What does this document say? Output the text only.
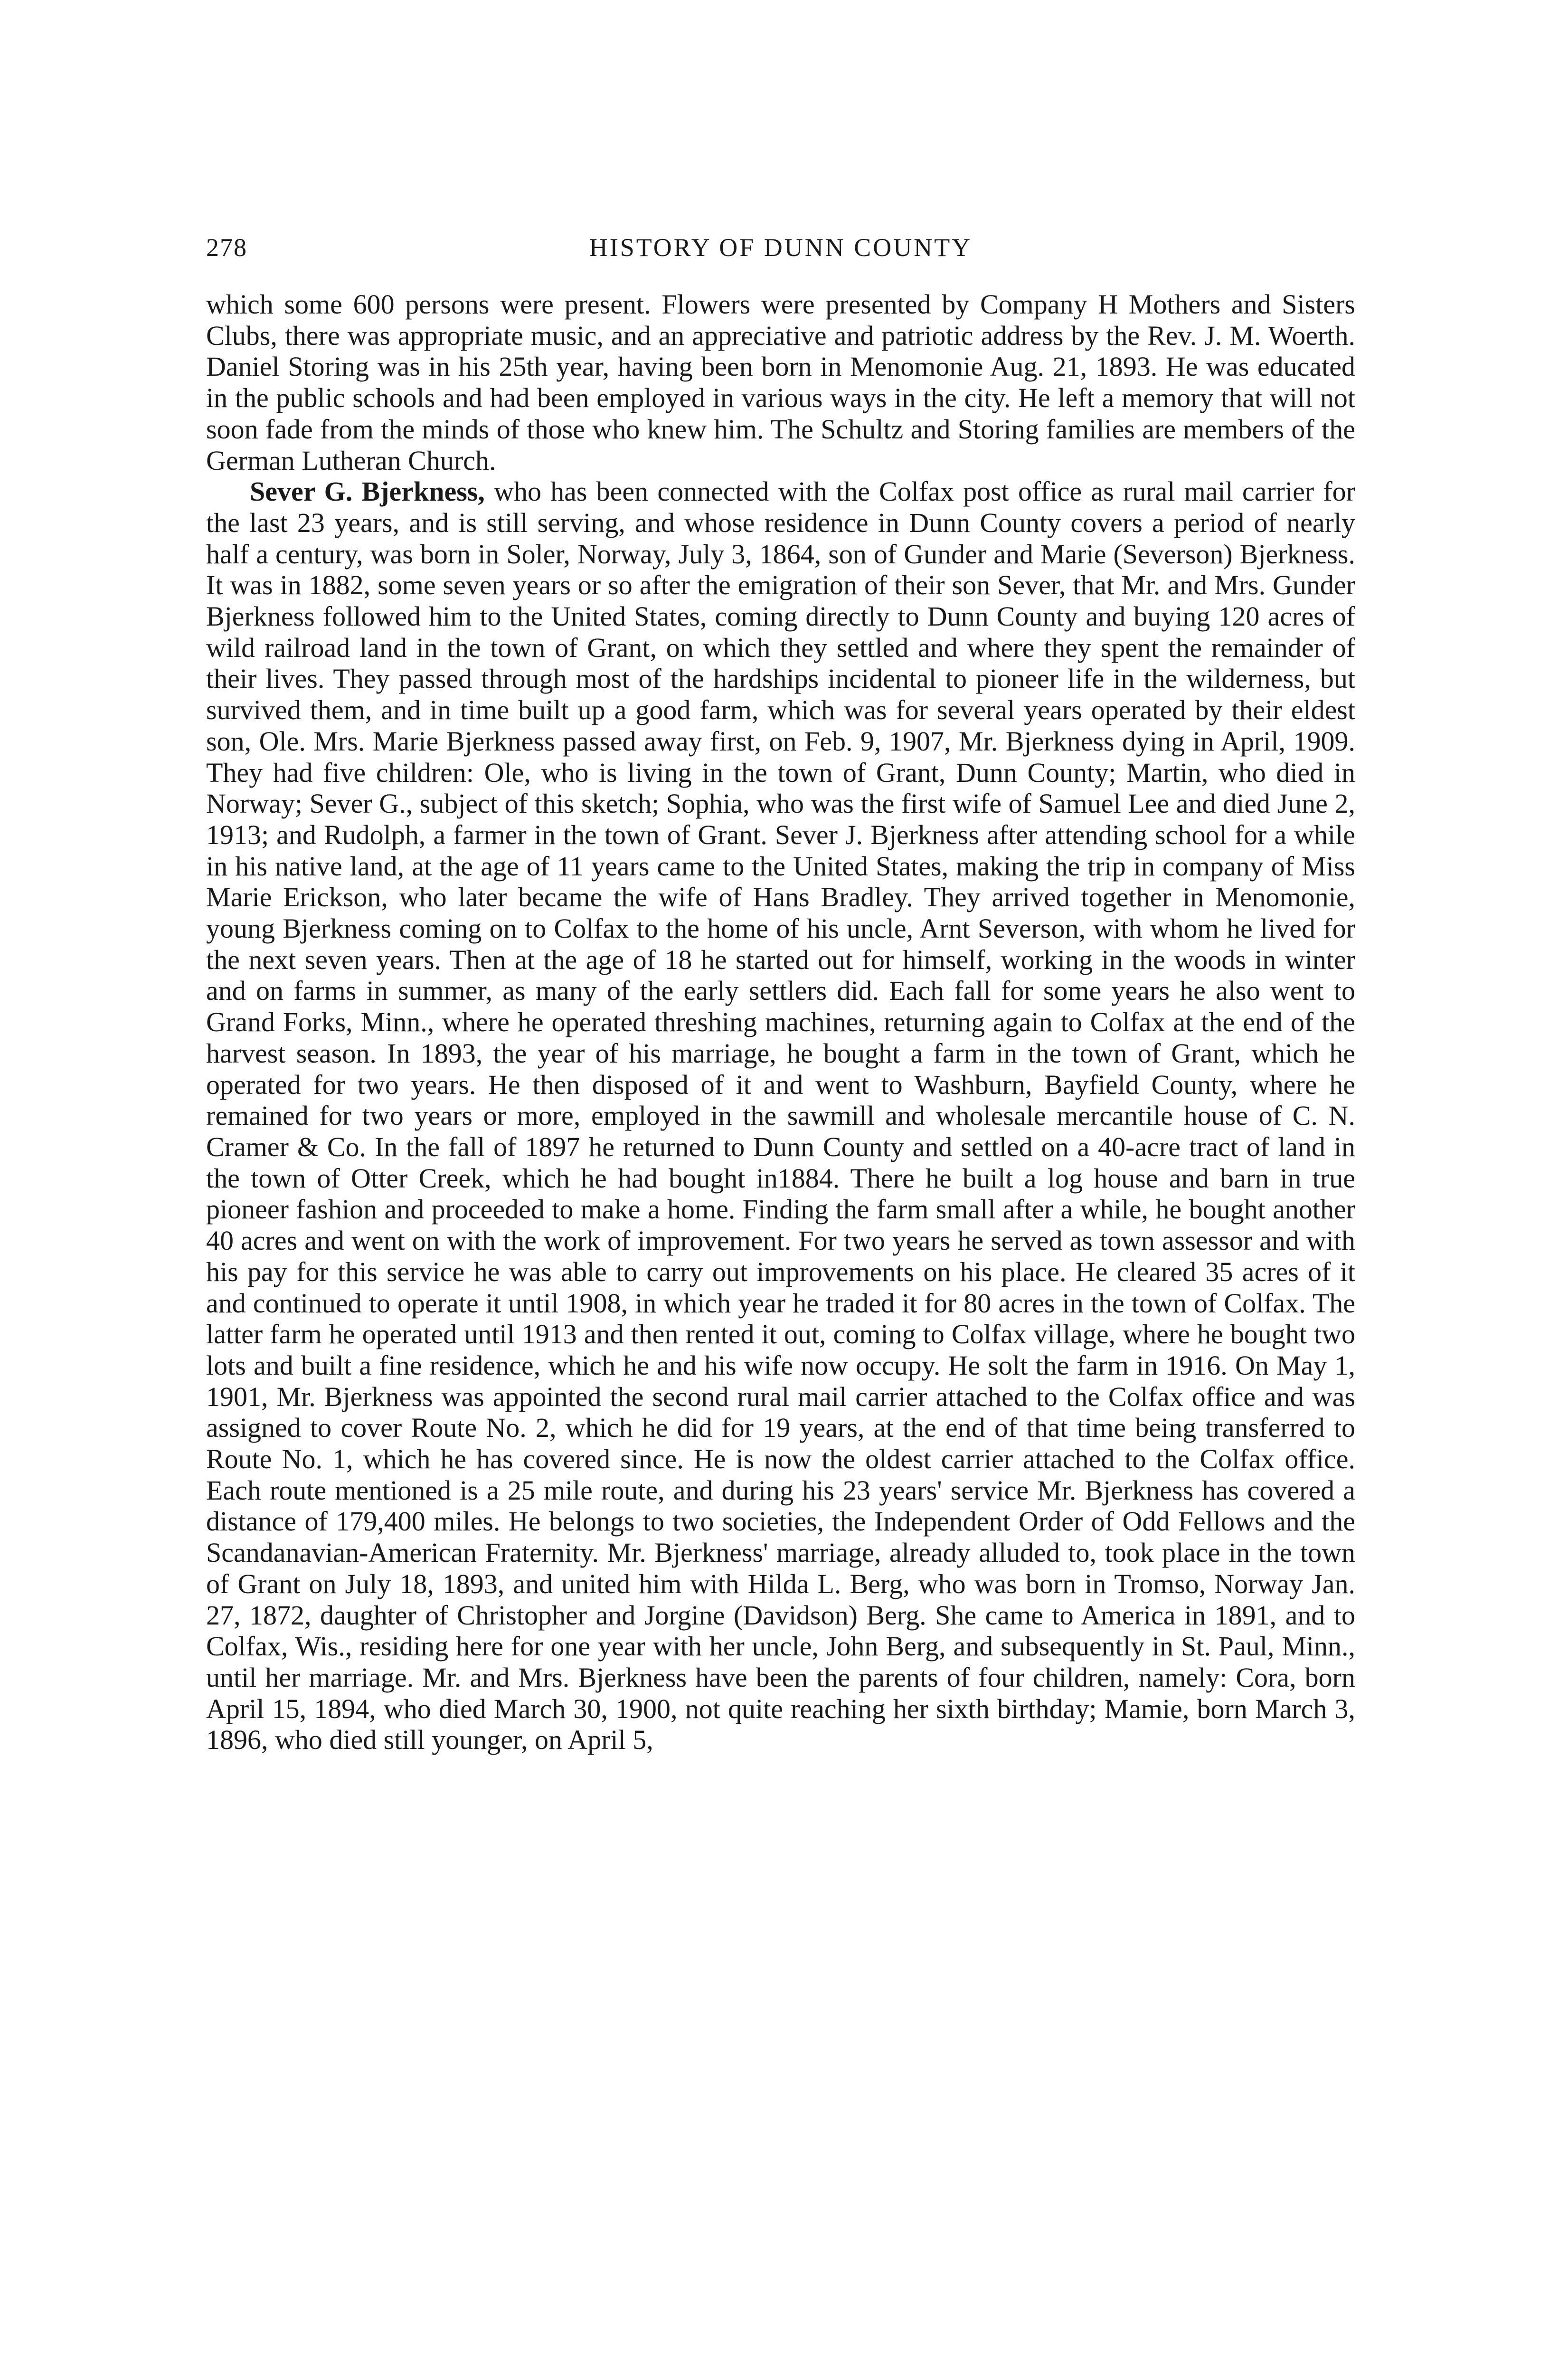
278	HISTORY OF DUNN COUNTY

which some 600 persons were present. Flowers were presented by Company H Mothers and Sisters Clubs, there was appropriate music, and an appreciative and patriotic address by the Rev. J. M. Woerth. Daniel Storing was in his 25th year, having been born in Menomonie Aug. 21, 1893. He was educated in the public schools and had been employed in various ways in the city. He left a memory that will not soon fade from the minds of those who knew him. The Schultz and Storing families are members of the German Lutheran Church.

Sever G. Bjerkness, who has been connected with the Colfax post office as rural mail carrier for the last 23 years, and is still serving, and whose residence in Dunn County covers a period of nearly half a century, was born in Soler, Norway, July 3, 1864, son of Gunder and Marie (Severson) Bjerkness. It was in 1882, some seven years or so after the emigration of their son Sever, that Mr. and Mrs. Gunder Bjerkness followed him to the United States, coming directly to Dunn County and buying 120 acres of wild railroad land in the town of Grant, on which they settled and where they spent the remainder of their lives. They passed through most of the hardships incidental to pioneer life in the wilderness, but survived them, and in time built up a good farm, which was for several years operated by their eldest son, Ole. Mrs. Marie Bjerkness passed away first, on Feb. 9, 1907, Mr. Bjerkness dying in April, 1909. They had five children: Ole, who is living in the town of Grant, Dunn County; Martin, who died in Norway; Sever G., subject of this sketch; Sophia, who was the first wife of Samuel Lee and died June 2, 1913; and Rudolph, a farmer in the town of Grant. Sever J. Bjerkness after attending school for a while in his native land, at the age of 11 years came to the United States, making the trip in company of Miss Marie Erickson, who later became the wife of Hans Bradley. They arrived together in Menomonie, young Bjerkness coming on to Colfax to the home of his uncle, Arnt Severson, with whom he lived for the next seven years. Then at the age of 18 he started out for himself, working in the woods in winter and on farms in summer, as many of the early settlers did. Each fall for some years he also went to Grand Forks, Minn., where he operated threshing machines, returning again to Colfax at the end of the harvest season. In 1893, the year of his marriage, he bought a farm in the town of Grant, which he operated for two years. He then disposed of it and went to Washburn, Bayfield County, where he remained for two years or more, employed in the sawmill and wholesale mercantile house of C. N. Cramer & Co. In the fall of 1897 he returned to Dunn County and settled on a 40-acre tract of land in the town of Otter Creek, which he had bought in1884. There he built a log house and barn in true pioneer fashion and proceeded to make a home. Finding the farm small after a while, he bought another 40 acres and went on with the work of improvement. For two years he served as town assessor and with his pay for this service he was able to carry out improvements on his place. He cleared 35 acres of it and continued to operate it until 1908, in which year he traded it for 80 acres in the town of Colfax. The latter farm he operated until 1913 and then rented it out, coming to Colfax village, where he bought two lots and built a fine residence, which he and his wife now occupy. He solt the farm in 1916. On May 1, 1901, Mr. Bjerkness was appointed the second rural mail carrier attached to the Colfax office and was assigned to cover Route No. 2, which he did for 19 years, at the end of that time being transferred to Route No. 1, which he has covered since. He is now the oldest carrier attached to the Colfax office. Each route mentioned is a 25 mile route, and during his 23 years' service Mr. Bjerkness has covered a distance of 179,400 miles. He belongs to two societies, the Independent Order of Odd Fellows and the Scandanavian-American Fraternity. Mr. Bjerkness' marriage, already alluded to, took place in the town of Grant on July 18, 1893, and united him with Hilda L. Berg, who was born in Tromso, Norway Jan. 27, 1872, daughter of Christopher and Jorgine (Davidson) Berg. She came to America in 1891, and to Colfax, Wis., residing here for one year with her uncle, John Berg, and subsequently in St. Paul, Minn., until her marriage. Mr. and Mrs. Bjerkness have been the parents of four children, namely: Cora, born April 15, 1894, who died March 30, 1900, not quite reaching her sixth birthday; Mamie, born March 3, 1896, who died still younger, on April 5,
